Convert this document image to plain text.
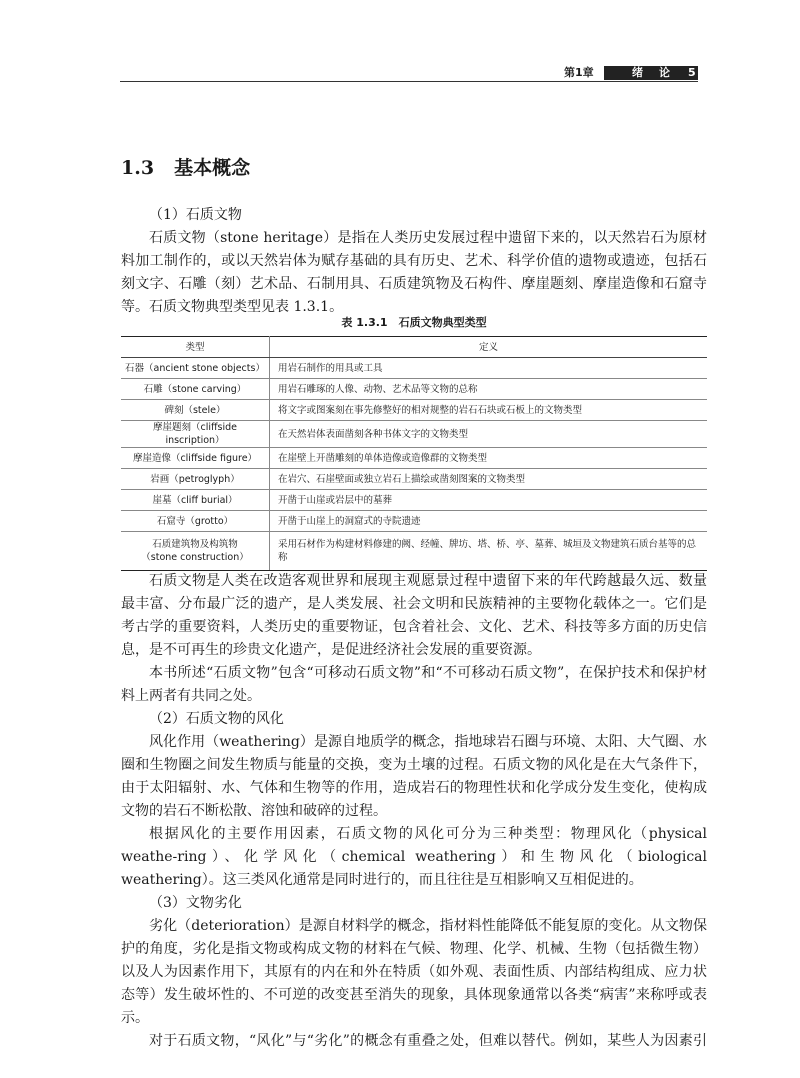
第1章	绪论 5
1.3 基本概念

（1）石质文物

石质文物（stone heritage）是指在人类历史发展过程中遗留下来的，以天然岩石为原材料加工制作的，或以天然岩体为赋存基础的具有历史、艺术、科学价值的遗物或遗迹，包括石刻文字、石雕（刻）艺术品、石制用具、石质建筑物及石构件、摩崖题刻、摩崖造像和石窟寺等。石质文物典型类型见表 1.3.1。

表 1.3.1　石质文物典型类型
类型	定义
石器（ancient stone objects）	用岩石制作的用具或工具
石雕（stone carving）	用岩石雕琢的人像、动物、艺术品等文物的总称
碑刻（stele）	将文字或图案刻在事先修整好的相对规整的岩石石块或石板上的文物类型
摩崖题刻（cliffside inscription）	在天然岩体表面凿刻各种书体文字的文物类型
摩崖造像（cliffside figure）	在崖壁上开凿雕刻的单体造像或造像群的文物类型
岩画（petroglyph）	在岩穴、石崖壁面或独立岩石上描绘或凿刻图案的文物类型
崖墓（cliff burial）	开凿于山崖或岩层中的墓葬
石窟寺（grotto）	开凿于山崖上的洞窟式的寺院遗迹
石质建筑物及构筑物
（stone construction）	采用石材作为构建材料修建的阙、经幢、牌坊、塔、桥、亭、墓葬、城垣及文物建筑石质台基等的总称

石质文物是人类在改造客观世界和展现主观愿景过程中遗留下来的年代跨越最久远、数量最丰富、分布最广泛的遗产，是人类发展、社会文明和民族精神的主要物化载体之一。它们是考古学的重要资料，人类历史的重要物证，包含着社会、文化、艺术、科技等多方面的历史信息，是不可再生的珍贵文化遗产，是促进经济社会发展的重要资源。

本书所述“石质文物”包含“可移动石质文物”和“不可移动石质文物”，在保护技术和保护材料上两者有共同之处。

（2）石质文物的风化

风化作用（weathering）是源自地质学的概念，指地球岩石圈与环境、太阳、大气圈、水圈和生物圈之间发生物质与能量的交换，变为土壤的过程。石质文物的风化是在大气条件下，由于太阳辐射、水、气体和生物等的作用，造成岩石的物理性状和化学成分发生变化，使构成文物的岩石不断松散、溶蚀和破碎的过程。

根据风化的主要作用因素，石质文物的风化可分为三种类型：物理风化（physical weathe-ring）、化学风化（chemical weathering）和生物风化（biological weathering）。这三类风化通常是同时进行的，而且往往是互相影响又互相促进的。

（3）文物劣化

劣化（deterioration）是源自材料学的概念，指材料性能降低不能复原的变化。从文物保护的角度，劣化是指文物或构成文物的材料在气候、物理、化学、机械、生物（包括微生物）以及人为因素作用下，其原有的内在和外在特质（如外观、表面性质、内部结构组成、应力状态等）发生破坏性的、不可逆的改变甚至消失的现象，具体现象通常以各类“病害”来称呼或表示。

对于石质文物，“风化”与“劣化”的概念有重叠之处，但难以替代。例如，某些人为因素引
